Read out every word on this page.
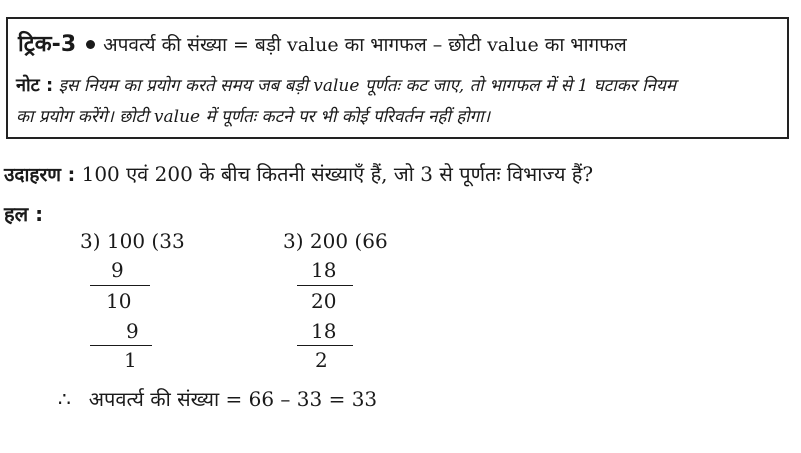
ट्रिक-3 अपवर्त्य की संख्या = बड़ी value का भागफल – छोटी value का भागफल
नोट : इस नियम का प्रयोग करते समय जब बड़ी value पूर्णतः कट जाए, तो भागफल में से 1 घटाकर नियम
का प्रयोग करेंगे। छोटी value में पूर्णतः कटने पर भी कोई परिवर्तन नहीं होगा।
उदाहरण : 100 एवं 200 के बीच कितनी संख्याएँ हैं, जो 3 से पूर्णतः विभाज्य हैं?
हल :
3) 100 (33
9
10
9
1
3) 200 (66
18
20
18
2
∴ अपवर्त्य की संख्या = 66 – 33 = 33
